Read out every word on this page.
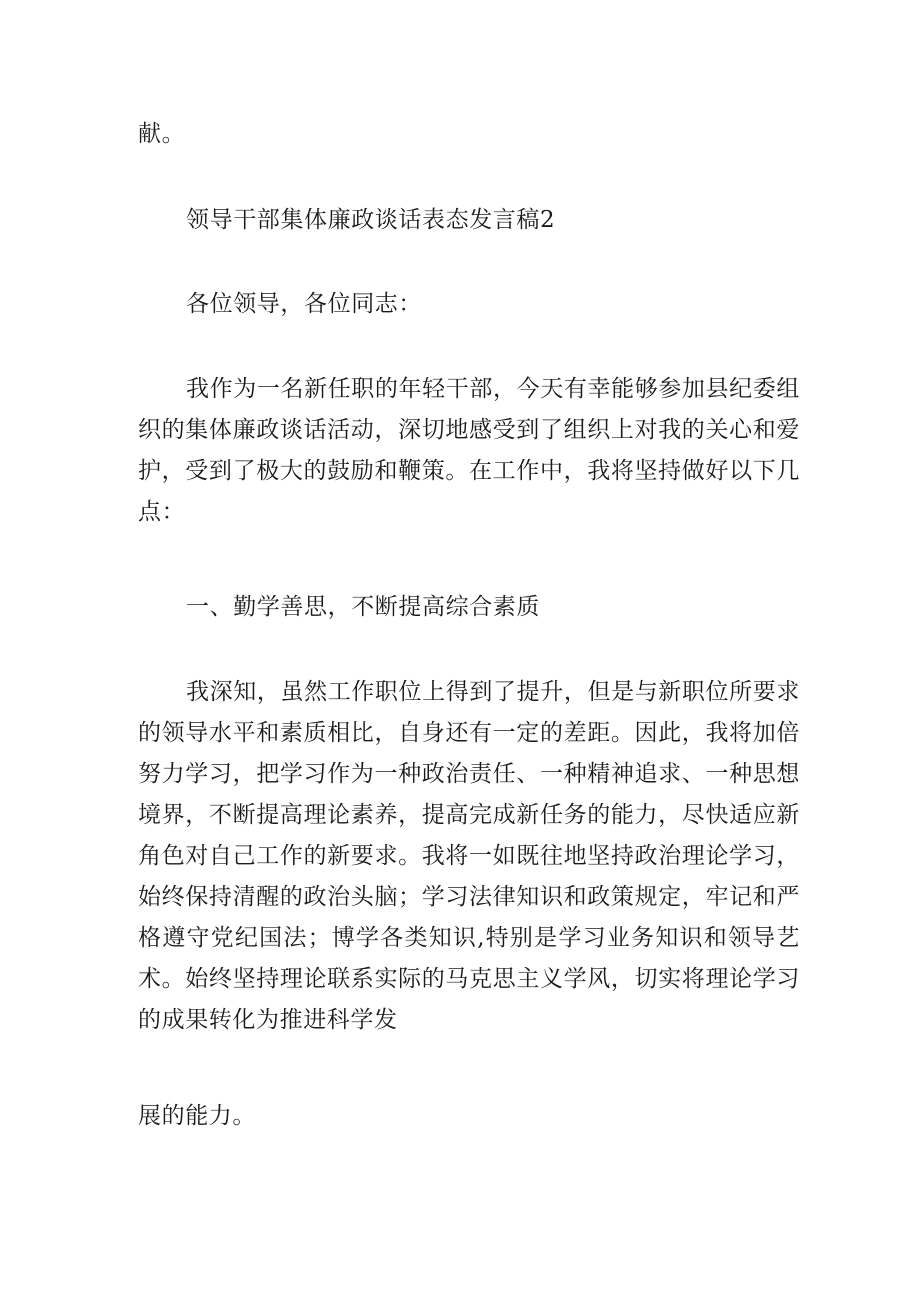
献。

领导干部集体廉政谈话表态发言稿2

各位领导，各位同志：

我作为一名新任职的年轻干部，今天有幸能够参加县纪委组织的集体廉政谈话活动，深切地感受到了组织上对我的关心和爱护，受到了极大的鼓励和鞭策。在工作中，我将坚持做好以下几点：

一、勤学善思，不断提高综合素质

我深知，虽然工作职位上得到了提升，但是与新职位所要求的领导水平和素质相比，自身还有一定的差距。因此，我将加倍努力学习，把学习作为一种政治责任、一种精神追求、一种思想境界，不断提高理论素养，提高完成新任务的能力，尽快适应新角色对自己工作的新要求。我将一如既往地坚持政治理论学习，始终保持清醒的政治头脑；学习法律知识和政策规定，牢记和严格遵守党纪国法；博学各类知识,特别是学习业务知识和领导艺术。始终坚持理论联系实际的马克思主义学风，切实将理论学习的成果转化为推进科学发

展的能力。
